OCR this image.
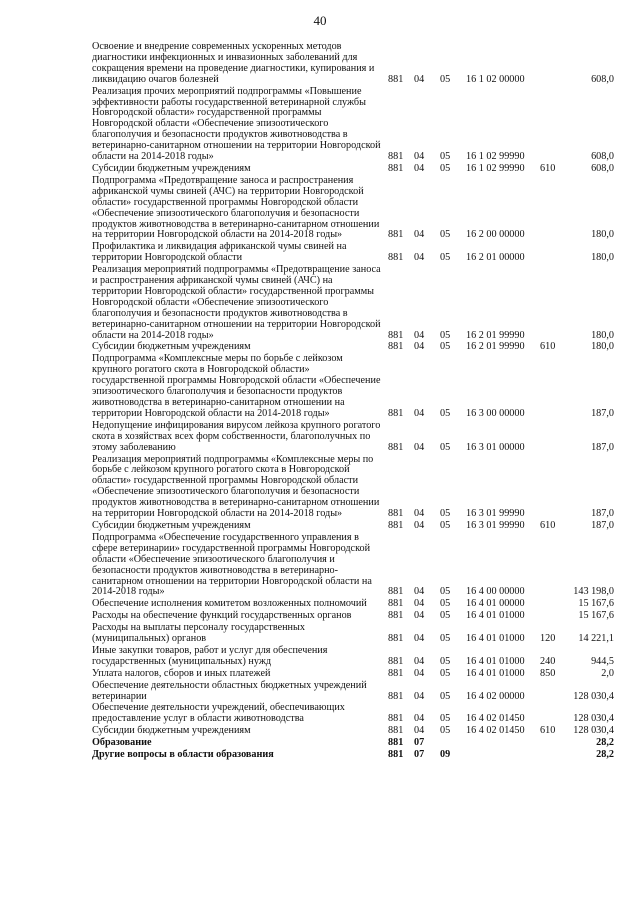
40
Освоение и внедрение современных ускоренных методов диагностики инфекционных и инвазионных заболеваний для сокращения времени на проведение диагностики, купирования и ликвидацию очагов болезней	881	04	05	16 1 02 00000		608,0
Реализация прочих мероприятий подпрограммы «Повышение эффективности работы государственной ветеринарной службы Новгородской области» государственной программы Новгородской области «Обеспечение эпизоотического благополучия и безопасности продуктов животноводства в ветеринарно-санитарном отношении на территории Новгородской области на 2014-2018 годы»	881	04	05	16 1 02 99990		608,0
Субсидии бюджетным учреждениям	881	04	05	16 1 02 99990	610	608,0
Подпрограмма «Предотвращение заноса и распространения африканской чумы свиней (АЧС) на территории Новгородской области» государственной программы Новгородской области «Обеспечение эпизоотического благополучия и безопасности продуктов животноводства в ветеринарно-санитарном отношении на территории Новгородской области на 2014-2018 годы»	881	04	05	16 2 00 00000		180,0
Профилактика и ликвидация африканской чумы свиней на территории Новгородской области	881	04	05	16 2 01 00000		180,0
Реализация мероприятий подпрограммы «Предотвращение заноса и распространения африканской чумы свиней (АЧС) на территории Новгородской области» государственной программы Новгородской области «Обеспечение эпизоотического благополучия и безопасности продуктов животноводства в ветеринарно-санитарном отношении на территории Новгородской области на 2014-2018 годы»	881	04	05	16 2 01 99990		180,0
Субсидии бюджетным учреждениям	881	04	05	16 2 01 99990	610	180,0
Подпрограмма «Комплексные меры по борьбе с лейкозом крупного рогатого скота в Новгородской области» государственной программы Новгородской области «Обеспечение эпизоотического благополучия и безопасности продуктов животноводства в ветеринарно-санитарном отношении на территории Новгородской области на 2014-2018 годы»	881	04	05	16 3 00 00000		187,0
Недопущение инфицирования вирусом лейкоза крупного рогатого скота в хозяйствах всех форм собственности, благополучных по этому заболеванию	881	04	05	16 3 01 00000		187,0
Реализация мероприятий подпрограммы «Комплексные меры по борьбе с лейкозом крупного рогатого скота в Новгородской области» государственной программы Новгородской области «Обеспечение эпизоотического благополучия и безопасности продуктов животноводства в ветеринарно-санитарном отношении на территории Новгородской области на 2014-2018 годы»	881	04	05	16 3 01 99990		187,0
Субсидии бюджетным учреждениям	881	04	05	16 3 01 99990	610	187,0
Подпрограмма «Обеспечение государственного управления в сфере ветеринарии» государственной программы Новгородской области «Обеспечение эпизоотического благополучия и безопасности продуктов животноводства в ветеринарно-санитарном отношении на территории Новгородской области на 2014-2018 годы»	881	04	05	16 4 00 00000		143 198,0
Обеспечение исполнения комитетом возложенных полномочий	881	04	05	16 4 01 00000		15 167,6
Расходы на обеспечение функций государственных органов	881	04	05	16 4 01 01000		15 167,6
Расходы на выплаты персоналу государственных (муниципальных) органов	881	04	05	16 4 01 01000	120	14 221,1
Иные закупки товаров, работ и услуг для обеспечения государственных (муниципальных) нужд	881	04	05	16 4 01 01000	240	944,5
Уплата налогов, сборов и иных платежей	881	04	05	16 4 01 01000	850	2,0
Обеспечение деятельности областных бюджетных учреждений ветеринарии	881	04	05	16 4 02 00000		128 030,4
Обеспечение деятельности учреждений, обеспечивающих предоставление услуг в области животноводства	881	04	05	16 4 02 01450		128 030,4
Субсидии бюджетным учреждениям	881	04	05	16 4 02 01450	610	128 030,4
Образование	881	07				28,2
Другие вопросы в области образования	881	07	09			28,2
